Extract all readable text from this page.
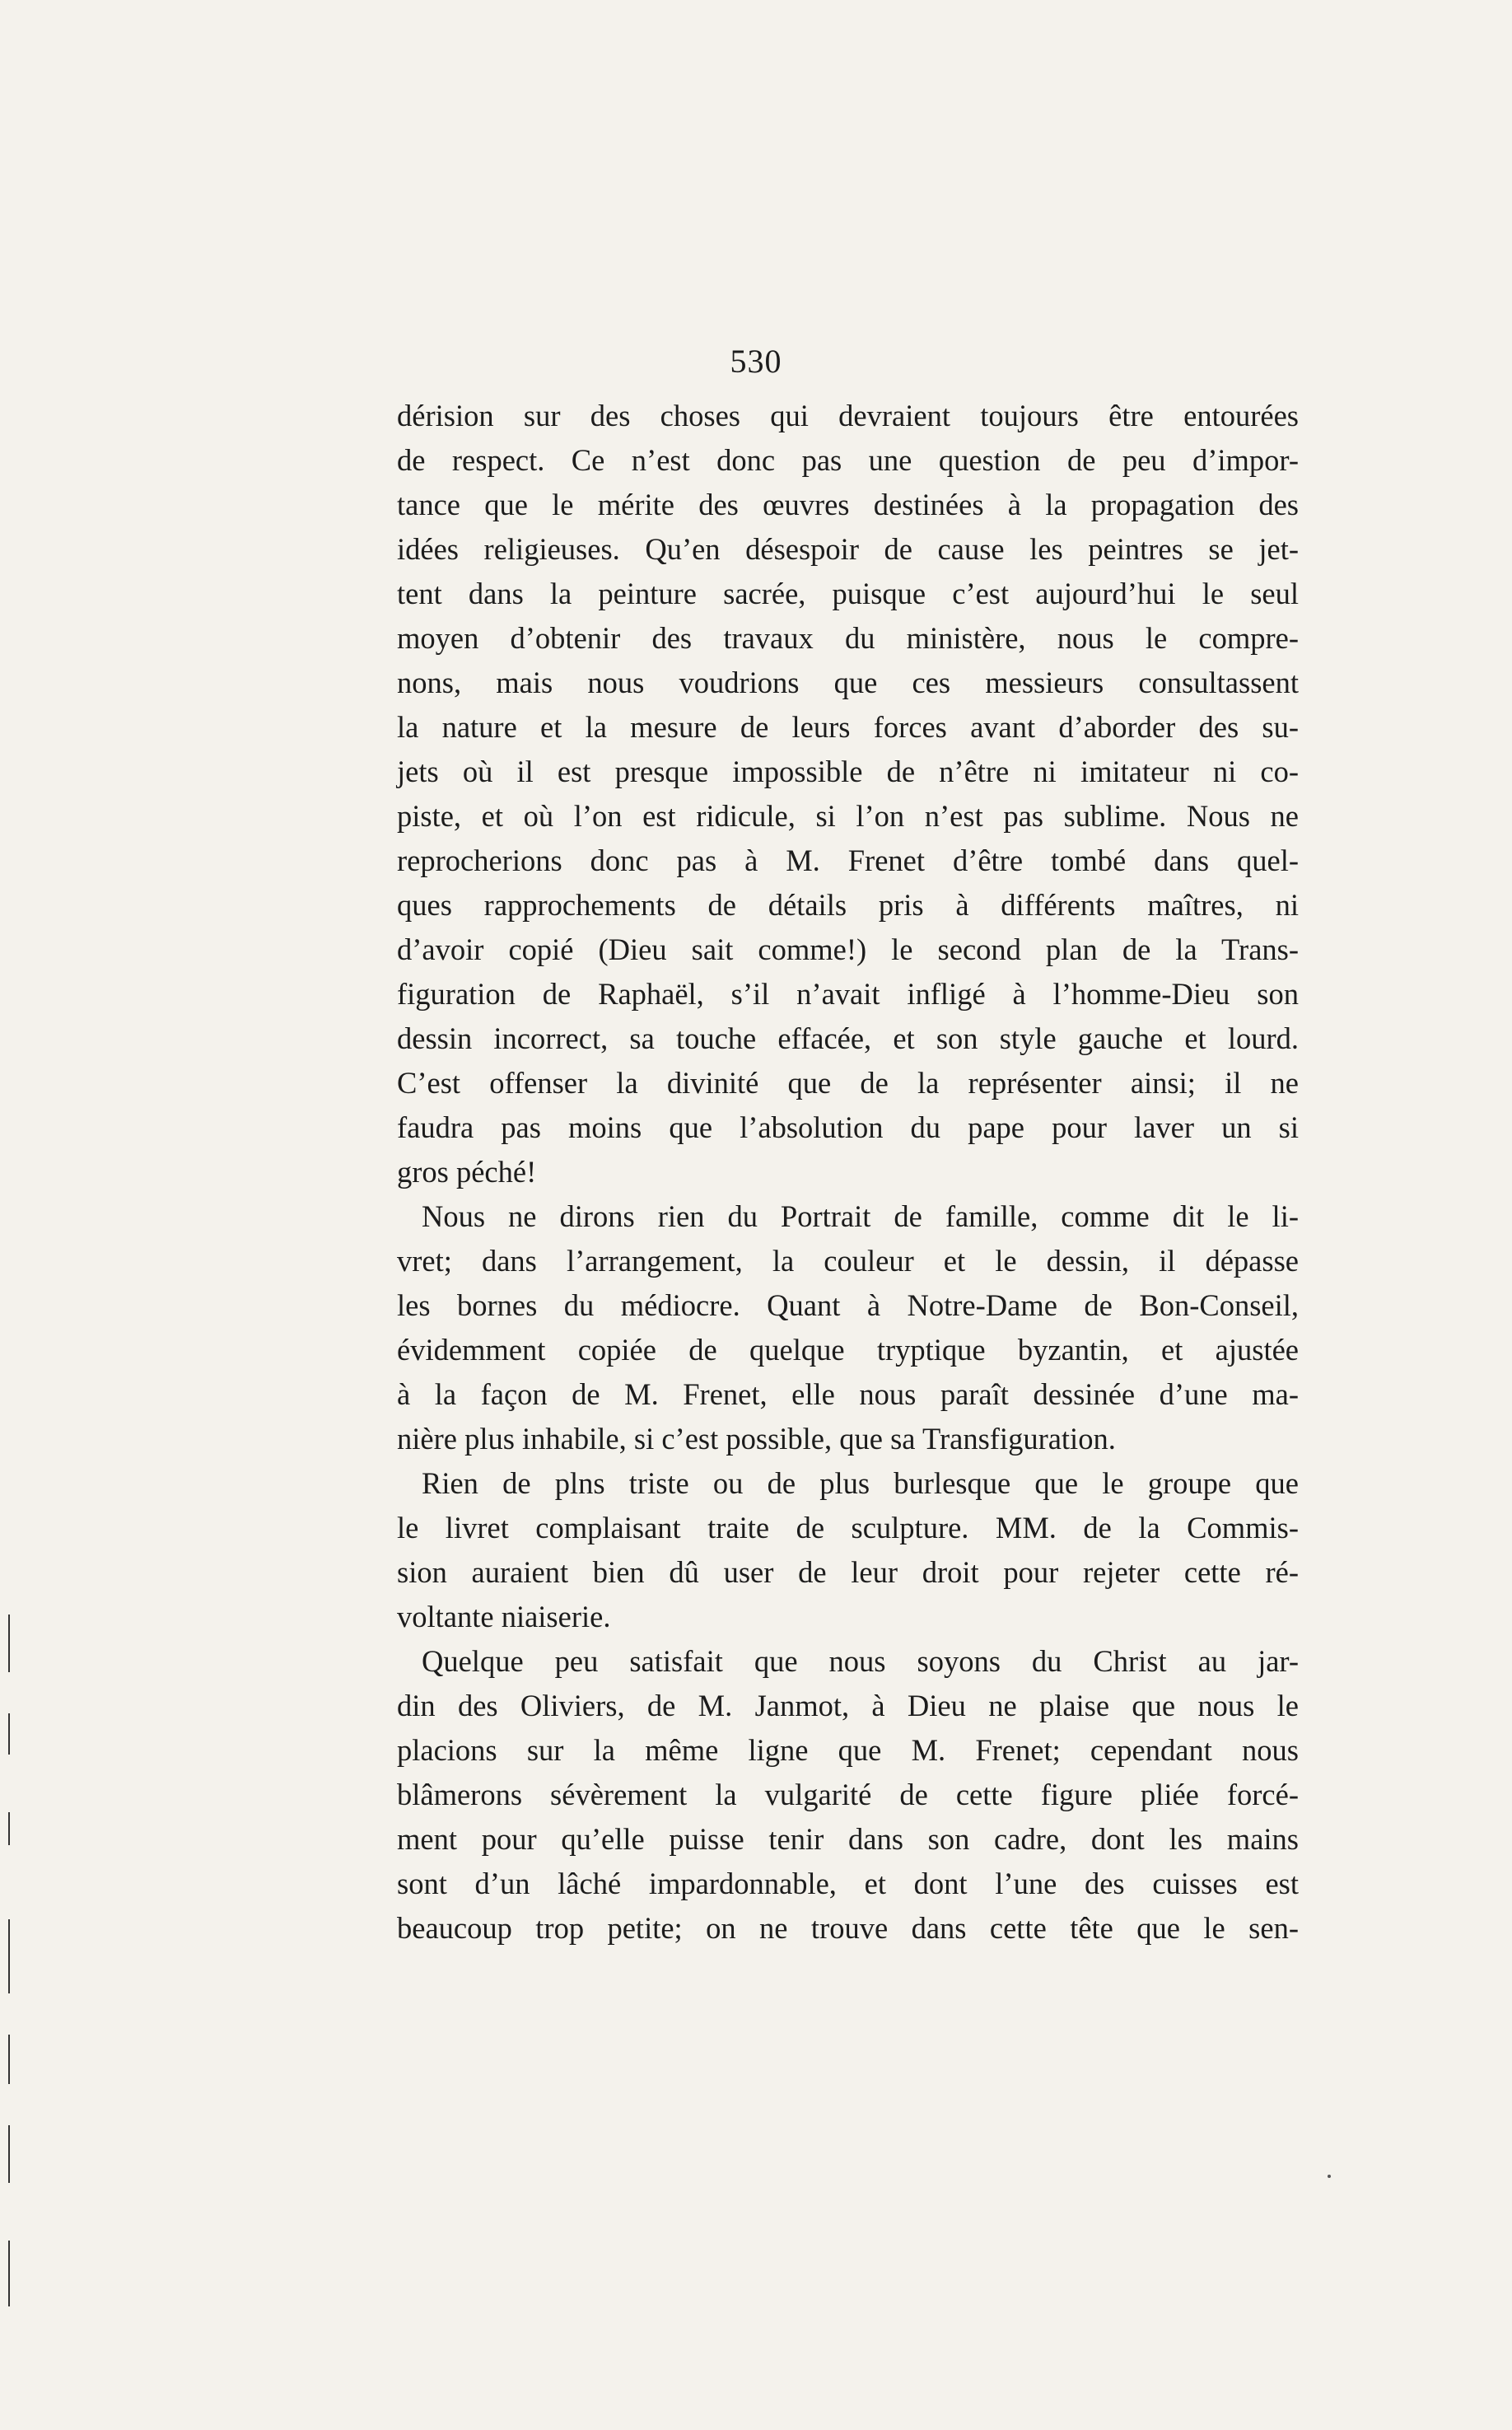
530
dérision sur des choses qui devraient toujours être entourées
de respect. Ce n’est donc pas une question de peu d’impor-
tance que le mérite des œuvres destinées à la propagation des
idées religieuses. Qu’en désespoir de cause les peintres se jet-
tent dans la peinture sacrée, puisque c’est aujourd’hui le seul
moyen d’obtenir des travaux du ministère, nous le compre-
nons, mais nous voudrions que ces messieurs consultassent
la nature et la mesure de leurs forces avant d’aborder des su-
jets où il est presque impossible de n’être ni imitateur ni co-
piste, et où l’on est ridicule, si l’on n’est pas sublime. Nous ne
reprocherions donc pas à M. Frenet d’être tombé dans quel-
ques rapprochements de détails pris à différents maîtres, ni
d’avoir copié (Dieu sait comme!) le second plan de la Trans-
figuration de Raphaël, s’il n’avait infligé à l’homme-Dieu son
dessin incorrect, sa touche effacée, et son style gauche et lourd.
C’est offenser la divinité que de la représenter ainsi; il ne
faudra pas moins que l’absolution du pape pour laver un si
gros péché!
Nous ne dirons rien du Portrait de famille, comme dit le li-
vret; dans l’arrangement, la couleur et le dessin, il dépasse
les bornes du médiocre. Quant à Notre-Dame de Bon-Conseil,
évidemment copiée de quelque tryptique byzantin, et ajustée
à la façon de M. Frenet, elle nous paraît dessinée d’une ma-
nière plus inhabile, si c’est possible, que sa Transfiguration.
Rien de plns triste ou de plus burlesque que le groupe que
le livret complaisant traite de sculpture. MM. de la Commis-
sion auraient bien dû user de leur droit pour rejeter cette ré-
voltante niaiserie.
Quelque peu satisfait que nous soyons du Christ au jar-
din des Oliviers, de M. Janmot, à Dieu ne plaise que nous le
placions sur la même ligne que M. Frenet; cependant nous
blâmerons sévèrement la vulgarité de cette figure pliée forcé-
ment pour qu’elle puisse tenir dans son cadre, dont les mains
sont d’un lâché impardonnable, et dont l’une des cuisses est
beaucoup trop petite; on ne trouve dans cette tête que le sen-
